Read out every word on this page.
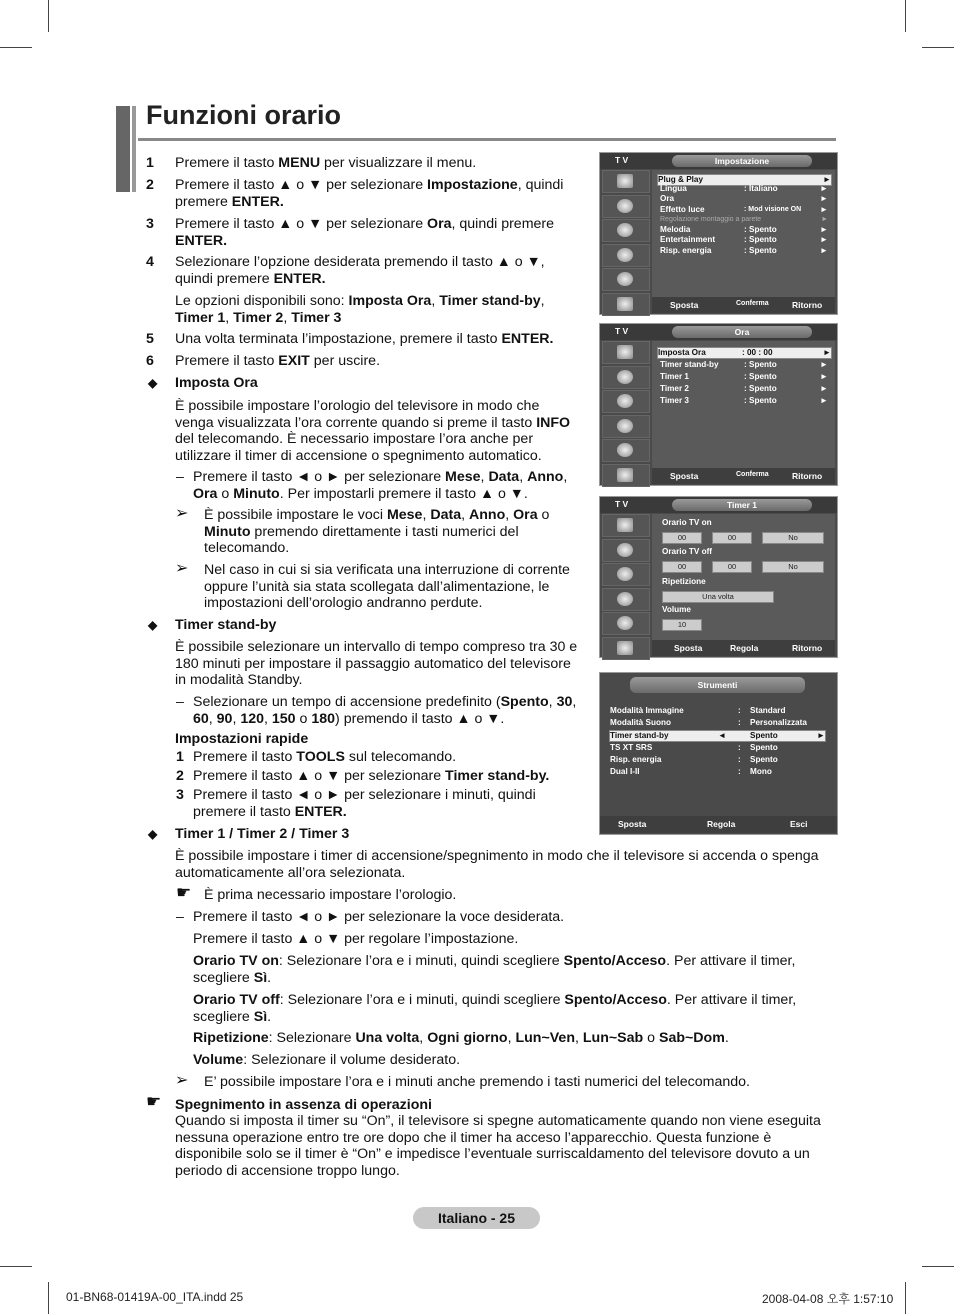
Funzioni orario
1 Premere il tasto MENU per visualizzare il menu.
2 Premere il tasto ▲ o ▼ per selezionare Impostazione, quindi premere ENTER.
3 Premere il tasto ▲ o ▼ per selezionare Ora, quindi premere ENTER.
4 Selezionare l’opzione desiderata premendo il tasto ▲ o ▼, quindi premere ENTER.
Le opzioni disponibili sono: Imposta Ora, Timer stand-by, Timer 1, Timer 2, Timer 3
5 Una volta terminata l’impostazione, premere il tasto ENTER.
6 Premere il tasto EXIT per uscire.
◆ Imposta Ora
È possibile impostare l’orologio del televisore in modo che venga visualizzata l’ora corrente quando si preme il tasto INFO del telecomando. È necessario impostare l’ora anche per utilizzare il timer di accensione o spegnimento automatico.
– Premere il tasto ◄ o ► per selezionare Mese, Data, Anno, Ora o Minuto. Per impostarli premere il tasto ▲ o ▼.
➢ È possibile impostare le voci Mese, Data, Anno, Ora o Minuto premendo direttamente i tasti numerici del telecomando.
➢ Nel caso in cui si sia verificata una interruzione di corrente oppure l’unità sia stata scollegata dall’alimentazione, le impostazioni dell’orologio andranno perdute.
◆ Timer stand-by
È possibile selezionare un intervallo di tempo compreso tra 30 e 180 minuti per impostare il passaggio automatico del televisore in modalità Standby.
– Selezionare un tempo di accensione predefinito (Spento, 30, 60, 90, 120, 150 o 180) premendo il tasto ▲ o ▼.
Impostazioni rapide
1 Premere il tasto TOOLS sul telecomando.
2 Premere il tasto ▲ o ▼ per selezionare Timer stand-by.
3 Premere il tasto ◄ o ► per selezionare i minuti, quindi premere il tasto ENTER.
◆ Timer 1 / Timer 2 / Timer 3
È possibile impostare i timer di accensione/spegnimento in modo che il televisore si accenda o spenga automaticamente all’ora selezionata.
☛ È prima necessario impostare l’orologio.
– Premere il tasto ◄ o ► per selezionare la voce desiderata.
Premere il tasto ▲ o ▼ per regolare l’impostazione.
Orario TV on: Selezionare l’ora e i minuti, quindi scegliere Spento/Acceso. Per attivare il timer, scegliere Sì.
Orario TV off: Selezionare l’ora e i minuti, quindi scegliere Spento/Acceso. Per attivare il timer, scegliere Sì.
Ripetizione: Selezionare Una volta, Ogni giorno, Lun~Ven, Lun~Sab o Sab~Dom.
Volume: Selezionare il volume desiderato.
➢ E’ possibile impostare l’ora e i minuti anche premendo i tasti numerici del telecomando.
☛ Spegnimento in assenza di operazioni
Quando si imposta il timer su “On”, il televisore si spegne automaticamente quando non viene eseguita nessuna operazione entro tre ore dopo che il timer ha acceso l’apparecchio. Questa funzione è disponibile solo se il timer è “On” e impedisce l’eventuale surriscaldamento del televisore dovuto a un periodo di accensione troppo lungo.
T V	Impostazione
Plug & Play	►
Lingua	: Italiano	►
Ora	►
Effetto luce	: Mod visione ON ►
Regolazione montaggio a parete	►
Melodia	: Spento	►
Entertainment	: Spento	►
Risp. energia	: Spento	►
Sposta	Conferma	Ritorno
T V	Ora
Imposta Ora	: 00 : 00	►
Timer stand-by	: Spento	►
Timer 1	: Spento	►
Timer 2	: Spento	►
Timer 3	: Spento	►
Sposta	Conferma	Ritorno
T V	Timer 1
Orario TV on
00	00	No
Orario TV off
00	00	No
Ripetizione
Una volta
Volume
10
Sposta	Regola	Ritorno
Strumenti
Modalità Immagine	: Standard
Modalità Suono	: Personalizzata
Timer stand-by	◄	Spento	►
TS XT SRS	: Spento
Risp. energia	: Spento
Dual I-II	: Mono
Sposta	Regola	Esci
Italiano - 25
01-BN68-01419A-00_ITA.indd 25	2008-04-08 오후 1:57:10
